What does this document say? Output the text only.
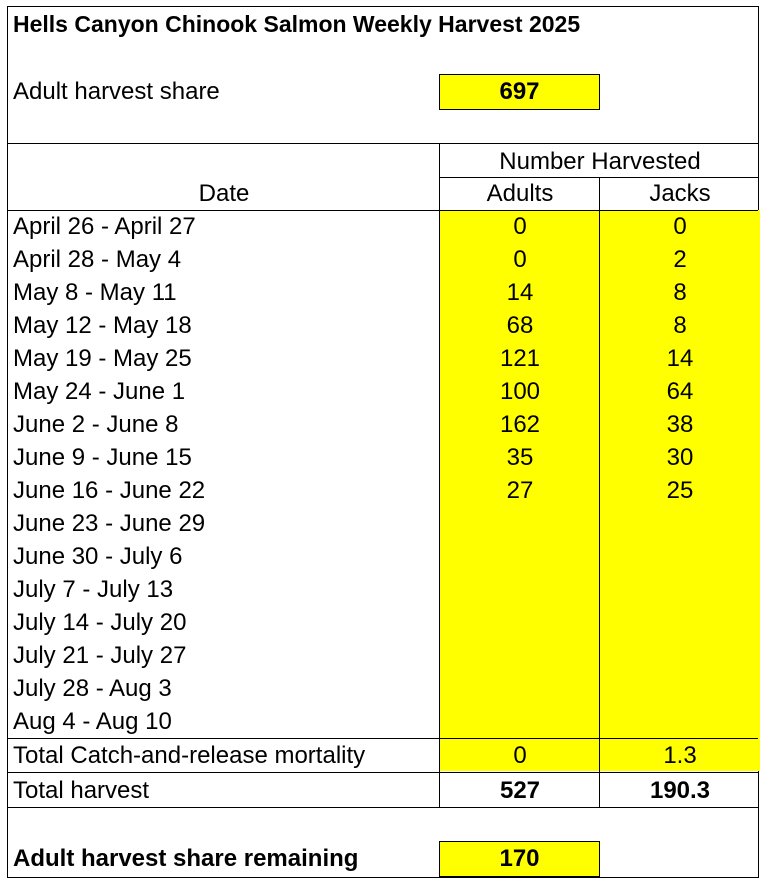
Hells Canyon Chinook Salmon Weekly Harvest 2025
Adult harvest share	697
Number Harvested
Date	Adults	Jacks
April 26 - April 27	0	0
April 28 - May 4	0	2
May 8 - May 11	14	8
May 12 - May 18	68	8
May 19 - May 25	121	14
May 24 - June 1	100	64
June 2 - June 8	162	38
June 9 - June 15	35	30
June 16 - June 22	27	25
June 23 - June 29
June 30 - July 6
July 7 - July 13
July 14 - July 20
July 21 - July 27
July 28 - Aug 3
Aug 4 - Aug 10
Total Catch-and-release mortality	0	1.3
Total harvest	527	190.3
Adult harvest share remaining	170
